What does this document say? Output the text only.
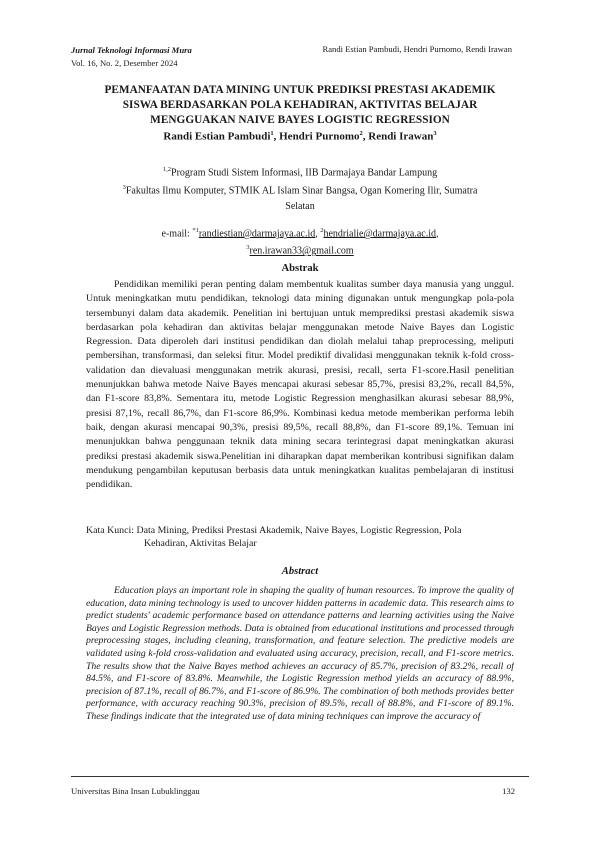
Jurnal Teknologi Informasi Mura
Vol. 16, No. 2, Desember 2024
Randi Estian Pambudi, Hendri Purnomo, Rendi Irawan
PEMANFAATAN DATA MINING UNTUK PREDIKSI PRESTASI AKADEMIK
SISWA BERDASARKAN POLA KEHADIRAN, AKTIVITAS BELAJAR
MENGGUAKAN NAIVE BAYES LOGISTIC REGRESSION
Randi Estian Pambudi$^1$, Hendri Purnomo$^2$, Rendi Irawan$^3$
$^{1,2}$Program Studi Sistem Informasi, IIB Darmajaya Bandar Lampung
$^3$Fakultas Ilmu Komputer, STMIK AL Islam Sinar Bangsa, Ogan Komering Ilir, Sumatra Selatan
e-mail: $^{*1}$randiestian@darmajaya.ac.id, $^2$hendrialie@darmajaya.ac.id,
$^3$ren.irawan33@gmail.com
Abstrak

Pendidikan memiliki peran penting dalam membentuk kualitas sumber daya manusia yang unggul. Untuk meningkatkan mutu pendidikan, teknologi data mining digunakan untuk mengungkap pola-pola tersembunyi dalam data akademik. Penelitian ini bertujuan untuk memprediksi prestasi akademik siswa berdasarkan pola kehadiran dan aktivitas belajar menggunakan metode Naive Bayes dan Logistic Regression. Data diperoleh dari institusi pendidikan dan diolah melalui tahap preprocessing, meliputi pembersihan, transformasi, dan seleksi fitur. Model prediktif divalidasi menggunakan teknik k-fold cross-validation dan dievaluasi menggunakan metrik akurasi, presisi, recall, serta F1-score.Hasil penelitian menunjukkan bahwa metode Naive Bayes mencapai akurasi sebesar 85,7%, presisi 83,2%, recall 84,5%, dan F1-score 83,8%. Sementara itu, metode Logistic Regression menghasilkan akurasi sebesar 88,9%, presisi 87,1%, recall 86,7%, dan F1-score 86,9%. Kombinasi kedua metode memberikan performa lebih baik, dengan akurasi mencapai 90,3%, presisi 89,5%, recall 88,8%, dan F1-score 89,1%. Temuan ini menunjukkan bahwa penggunaan teknik data mining secara terintegrasi dapat meningkatkan akurasi prediksi prestasi akademik siswa.Penelitian ini diharapkan dapat memberikan kontribusi signifikan dalam mendukung pengambilan keputusan berbasis data untuk meningkatkan kualitas pembelajaran di institusi pendidikan.

Kata Kunci: Data Mining, Prediksi Prestasi Akademik, Naive Bayes, Logistic Regression, Pola

Kehadiran, Aktivitas Belajar
Abstract

Education plays an important role in shaping the quality of human resources. To improve the quality of education, data mining technology is used to uncover hidden patterns in academic data. This research aims to predict students' academic performance based on attendance patterns and learning activities using the Naive Bayes and Logistic Regression methods. Data is obtained from educational institutions and processed through preprocessing stages, including cleaning, transformation, and feature selection. The predictive models are validated using k-fold cross-validation and evaluated using accuracy, precision, recall, and F1-score metrics. The results show that the Naive Bayes method achieves an accuracy of 85.7%, precision of 83.2%, recall of 84.5%, and F1-score of 83.8%. Meanwhile, the Logistic Regression method yields an accuracy of 88.9%, precision of 87.1%, recall of 86.7%, and F1-score of 86.9%. The combination of both methods provides better performance, with accuracy reaching 90.3%, precision of 89.5%, recall of 88.8%, and F1-score of 89.1%. These findings indicate that the integrated use of data mining techniques can improve the accuracy of

Universitas Bina Insan Lubuklinggau	132
